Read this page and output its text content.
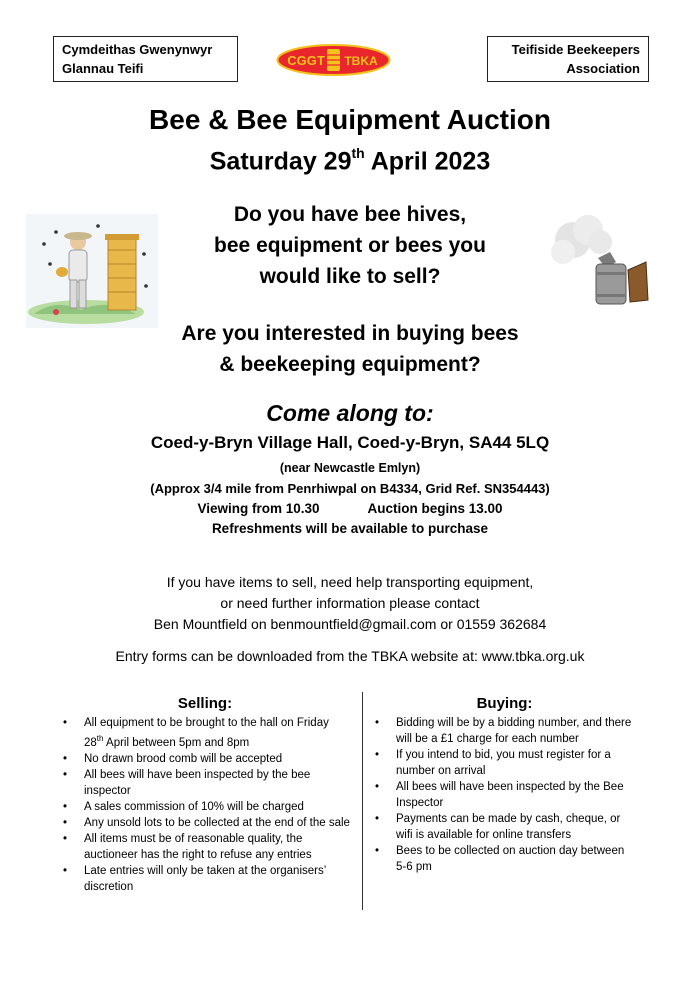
Cymdeithas Gwenynwyr
Glannau Teifi
CGGT TBKA
Teifiside Beekeepers
Association
Bee & Bee Equipment Auction
Saturday 29th April 2023
Do you have bee hives,
bee equipment or bees you
would like to sell?
Are you interested in buying bees
& beekeeping equipment?
Come along to:
Coed-y-Bryn Village Hall, Coed-y-Bryn, SA44 5LQ
(near Newcastle Emlyn)
(Approx 3/4 mile from Penrhiwpal on B4334, Grid Ref. SN354443)
Viewing from 10.30	Auction begins 13.00
Refreshments will be available to purchase
If you have items to sell, need help transporting equipment,
or need further information please contact
Ben Mountfield on benmountfield@gmail.com or 01559 362684
Entry forms can be downloaded from the TBKA website at: www.tbka.org.uk
Selling:
• All equipment to be brought to the hall on Friday 28th April between 5pm and 8pm
• No drawn brood comb will be accepted
• All bees will have been inspected by the bee inspector
• A sales commission of 10% will be charged
• Any unsold lots to be collected at the end of the sale
• All items must be of reasonable quality, the auctioneer has the right to refuse any entries
• Late entries will only be taken at the organisers’ discretion
Buying:
• Bidding will be by a bidding number, and there will be a £1 charge for each number
• If you intend to bid, you must register for a number on arrival
• All bees will have been inspected by the Bee Inspector
• Payments can be made by cash, cheque, or wifi is available for online transfers
• Bees to be collected on auction day between 5-6 pm
